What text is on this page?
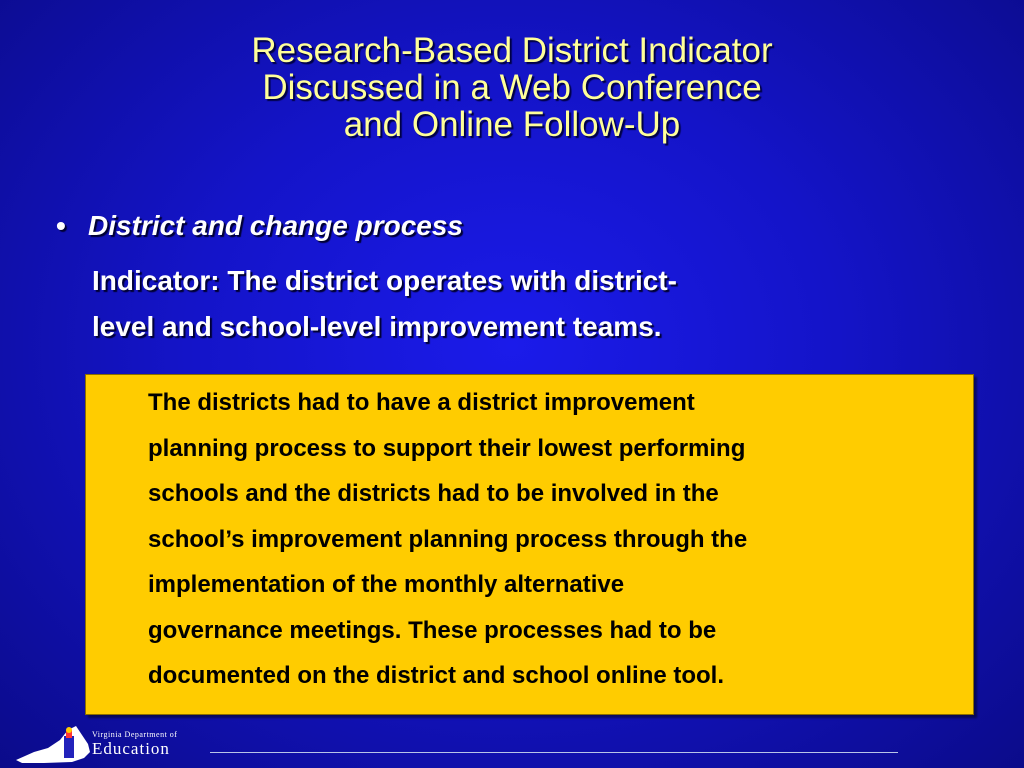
Research-Based District Indicator
Discussed in a Web Conference
and Online Follow-Up
• District and change process
Indicator: The district operates with district-
level and school-level improvement teams.
The districts had to have a district improvement
planning process to support their lowest performing
schools and the districts had to be involved in the
school’s improvement planning process through the
implementation of the monthly alternative
governance meetings. These processes had to be
documented on the district and school online tool.
Virginia Department of
Education
